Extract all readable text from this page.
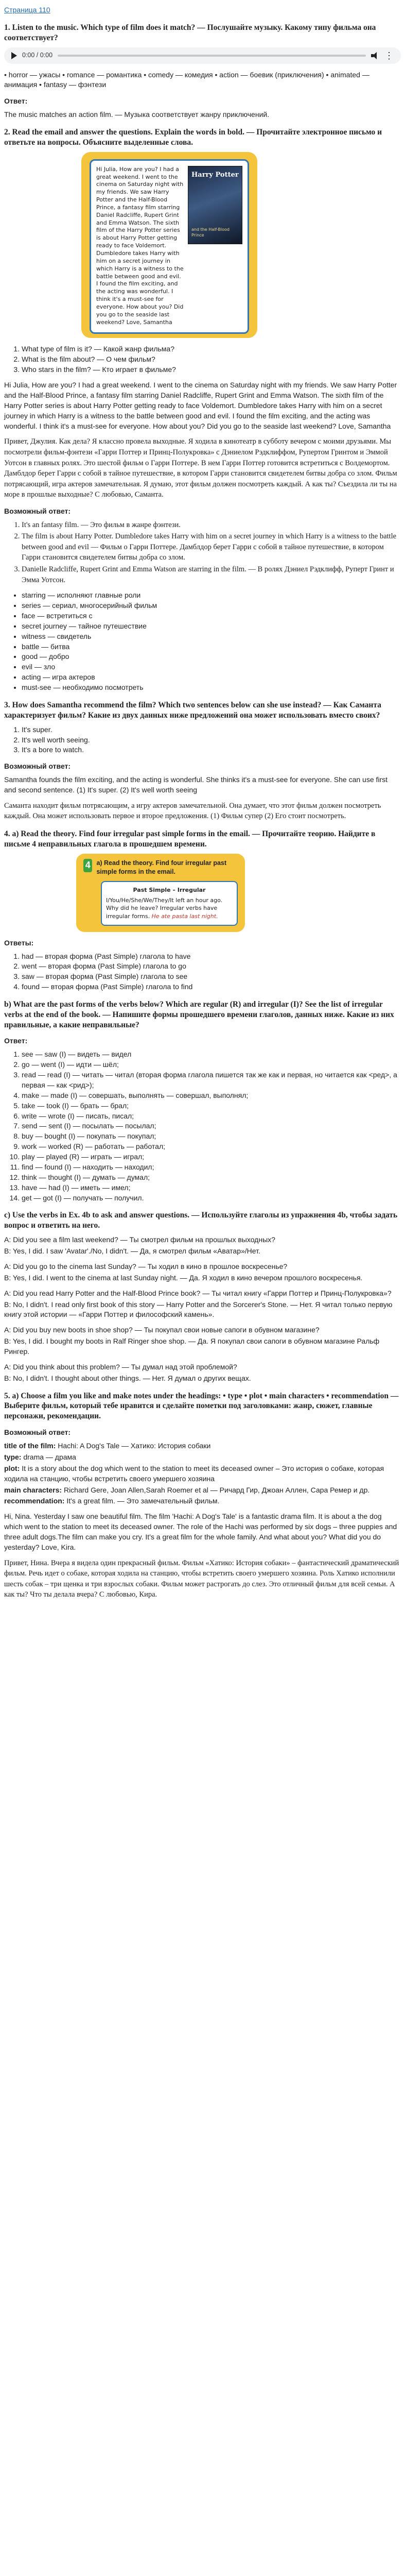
Страница 110
1. Listen to the music. Which type of film does it match? — Послушайте музыку. Какому типу фильма она соответствует?
0:00 / 0:00	⋮
• horror — ужасы • romance — романтика • comedy — комедия • action — боевик (приключения) • animated — анимация • fantasy — фэнтези
Ответ:
The music matches an action film. — Музыка соответствует жанру приключений.
2. Read the email and answer the questions. Explain the words in bold. — Прочитайте электронное письмо и ответьте на вопросы. Объясните выделенные слова.
Hi Julia, How are you? I had a great weekend. I went to the cinema on Saturday night with my friends. We saw Harry Potter and the Half-Blood Prince, a fantasy film starring Daniel Radcliffe, Rupert Grint and Emma Watson. The sixth film of the Harry Potter series is about Harry Potter getting ready to face Voldemort. Dumbledore takes Harry with him on a secret journey in which Harry is a witness to the battle between good and evil. I found the film exciting, and the acting was wonderful. I think it's a must-see for everyone. How about you? Did you go to the seaside last weekend? Love, Samantha
Harry Potter
and the Half-Blood Prince
1. What type of film is it? — Какой жанр фильма?
2. What is the film about? — О чем фильм?
3. Who stars in the film? — Кто играет в фильме?
Hi Julia, How are you? I had a great weekend. I went to the cinema on Saturday night with my friends. We saw Harry Potter and the Half-Blood Prince, a fantasy film starring Daniel Radcliffe, Rupert Grint and Emma Watson. The sixth film of the Harry Potter series is about Harry Potter getting ready to face Voldemort. Dumbledore takes Harry with him on a secret journey in which Harry is a witness to the battle between good and evil. I found the film exciting, and the acting was wonderful. I think it's a must-see for everyone. How about you? Did you go to the seaside last weekend? Love, Samantha
Привет, Джулия. Как дела? Я классно провела выходные. Я ходила в кинотеатр в субботу вечером с моими друзьями. Мы посмотрели фильм-фэнтези «Гарри Поттер и Принц-Полукровка» с Дэниелом Рэдклиффом, Рупертом Гринтом и Эммой Уотсон в главных ролях. Это шестой фильм о Гарри Поттере. В нем Гарри Поттер готовится встретиться с Волдемортом. Дамблдор берет Гарри с собой в тайное путешествие, в котором Гарри становится свидетелем битвы добра со злом. Фильм потрясающий, игра актеров замечательная. Я думаю, этот фильм должен посмотреть каждый. А как ты? Съездила ли ты на море в прошлые выходные? С любовью, Саманта.
Возможный ответ:
1. It's an fantasy film. — Это фильм в жанре фэнтези.
2. The film is about Harry Potter. Dumbledore takes Harry with him on a secret journey in which Harry is a witness to the battle between good and evil — Фильм о Гарри Поттере. Дамблдор берет Гарри с собой в тайное путешествие, в котором Гарри становится свидетелем битвы добра со злом.
3. Danielle Radcliffe, Rupert Grint and Emma Watson are starring in the film. — В ролях Дэниел Рэдклифф, Руперт Гринт и Эмма Уотсон.
• starring — исполняют главные роли
• series — сериал, многосерийный фильм
• face — встретиться с
• secret journey — тайное путешествие
• witness — свидетель
• battle — битва
• good — добро
• evil — зло
• acting — игра актеров
• must-see — необходимо посмотреть
3. How does Samantha recommend the film? Which two sentences below can she use instead? — Как Саманта характеризует фильм? Какие из двух данных ниже предложений она может использовать вместо своих?
1. It's super.
2. It's well worth seeing.
3. It's a bore to watch.
Возможный ответ:
Samantha founds the film exciting, and the acting is wonderful. She thinks it's a must-see for everyone. She can use first and second sentence. (1) It's super. (2) It's well worth seeing
Саманта находит фильм потрясающим, а игру актеров замечательной. Она думает, что этот фильм должен посмотреть каждый. Она может использовать первое и второе предложения. (1) Фильм супер (2) Его стоит посмотреть.
4. a) Read the theory. Find four irregular past simple forms in the email. — Прочитайте теорию. Найдите в письме 4 неправильных глагола в прошедшем времени.
4 a) Read the theory. Find four irregular past simple forms in the email.
Past Simple – Irregular
I/You/He/She/We/They/It left an hour ago. Why did he leave? Irregular verbs have irregular forms. He ate pasta last night.
Ответы:
1. had — вторая форма (Past Simple) глагола to have
2. went — вторая форма (Past Simple) глагола to go
3. saw — вторая форма (Past Simple) глагола to see
4. found — вторая форма (Past Simple) глагола to find
b) What are the past forms of the verbs below? Which are regular (R) and irregular (I)? See the list of irregular verbs at the end of the book. — Напишите формы прошедшего времени глаголов, данных ниже. Какие из них правильные, а какие неправильные?
Ответ:
1. see — saw (I) — видеть — видел
2. go — went (I) — идти — шёл;
3. read — read (I) — читать — читал (вторая форма глагола пишется так же как и первая, но читается как <ред>, а первая — как <рид>);
4. make — made (I) — совершать, выполнять — совершал, выполнял;
5. take — took (I) — брать — брал;
6. write — wrote (I) — писать, писал;
7. send — sent (I) — посылать — посылал;
8. buy — bought (I) — покупать — покупал;
9. work — worked (R) — работать — работал;
10. play — played (R) — играть — играл;
11. find — found (I) — находить — находил;
12. think — thought (I) — думать — думал;
13. have — had (I) — иметь — имел;
14. get — got (I) — получать — получил.
c) Use the verbs in Ex. 4b to ask and answer questions. — Используйте глаголы из упражнения 4b, чтобы задать вопрос и ответить на него.
A: Did you see a film last weekend? — Ты смотрел фильм на прошлых выходных?
B: Yes, I did. I saw 'Avatar'./No, I didn't. — Да, я смотрел фильм «Аватар»/Нет.
A: Did you go to the cinema last Sunday? — Ты ходил в кино в прошлое воскресенье?
B: Yes, I did. I went to the cinema at last Sunday night. — Да. Я ходил в кино вечером прошлого воскресенья.
A: Did you read Harry Potter and the Half-Blood Prince book? — Ты читал книгу «Гарри Поттер и Принц-Полукровка»?
B: No, I didn't. I read only first book of this story — Harry Potter and the Sorcerer's Stone. — Нет. Я читал только первую книгу этой истории — «Гарри Поттер и философский камень».
A: Did you buy new boots in shoe shop? — Ты покупал свои новые сапоги в обувном магазине?
B: Yes, I did. I bought my boots in Ralf Ringer shoe shop. — Да. Я покупал свои сапоги в обувном магазине Ральф Рингер.
A: Did you think about this problem? — Ты думал над этой проблемой?
B: No, I didn't. I thought about other things. — Нет. Я думал о других вещах.
5. a) Choose a film you like and make notes under the headings: • type • plot • main characters • recommendation — Выберите фильм, который тебе нравится и сделайте пометки под заголовками: жанр, сюжет, главные персонажи, рекомендации.
Возможный ответ:
title of the film: Hachi: A Dog's Tale — Хатико: История собаки
type: drama — драма
plot: It is a story about the dog which went to the station to meet its deceased owner – Это история о собаке, которая ходила на станцию, чтобы встретить своего умершего хозяина
main characters: Richard Gere, Joan Allen,Sarah Roemer et al — Ричард Гир, Джоан Аллен, Сара Ремер и др.
recommendation: It's a great film. — Это замечательный фильм.
Hi, Nina. Yesterday I saw one beautiful film. The film 'Hachi: A Dog's Tale' is a fantastic drama film. It is about a the dog which went to the station to meet its deceased owner. The role of the Hachi was performed by six dogs – three puppies and three adult dogs.The film can make you cry. It's a great film for the whole family. And what about you? What did you do yesterday? Love, Kira.
Привет, Нина. Вчера я видела один прекрасный фильм. Фильм «Хатико: История собаки» – фантастический драматический фильм. Речь идет о собаке, которая ходила на станцию, чтобы встретить своего умершего хозяина. Роль Хатико исполнили шесть собак – три щенка и три взрослых собаки. Фильм может растрогать до слез. Это отличный фильм для всей семьи. А как ты? Что ты делала вчера? С любовью, Кира.
